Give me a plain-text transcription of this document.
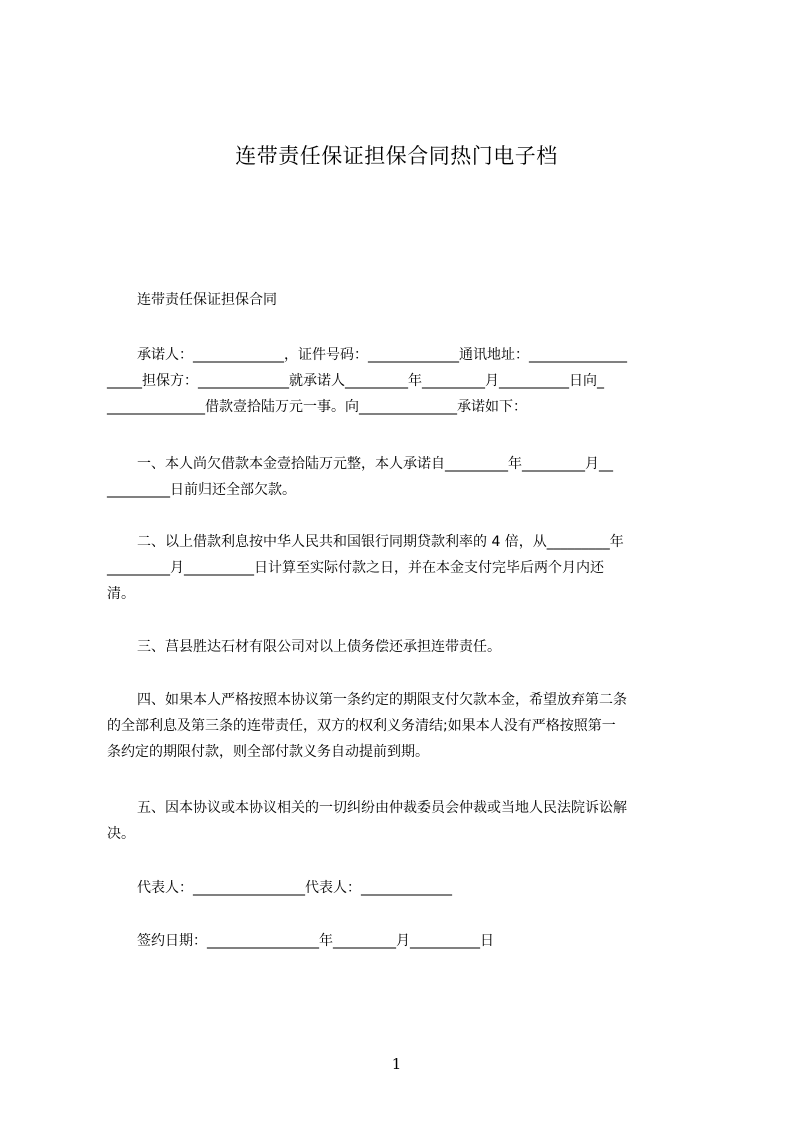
连带责任保证担保合同热门电子档
连带责任保证担保合同
承诺人：_____________，证件号码：_____________通讯地址：______________
_____担保方：_____________就承诺人_________年_________月__________日向_
______________借款壹拾陆万元一事。向______________承诺如下：
一、本人尚欠借款本金壹拾陆万元整，本人承诺自_________年_________月__
_________日前归还全部欠款。
二、以上借款利息按中华人民共和国银行同期贷款利率的 4 倍，从_________年
_________月__________日计算至实际付款之日，并在本金支付完毕后两个月内还
清。
三、莒县胜达石材有限公司对以上债务偿还承担连带责任。
四、如果本人严格按照本协议第一条约定的期限支付欠款本金，希望放弃第二条
的全部利息及第三条的连带责任，双方的权利义务清结;如果本人没有严格按照第一
条约定的期限付款，则全部付款义务自动提前到期。
五、因本协议或本协议相关的一切纠纷由仲裁委员会仲裁或当地人民法院诉讼解
决。
代表人：________________代表人：_____________
签约日期：________________年_________月__________日
1
